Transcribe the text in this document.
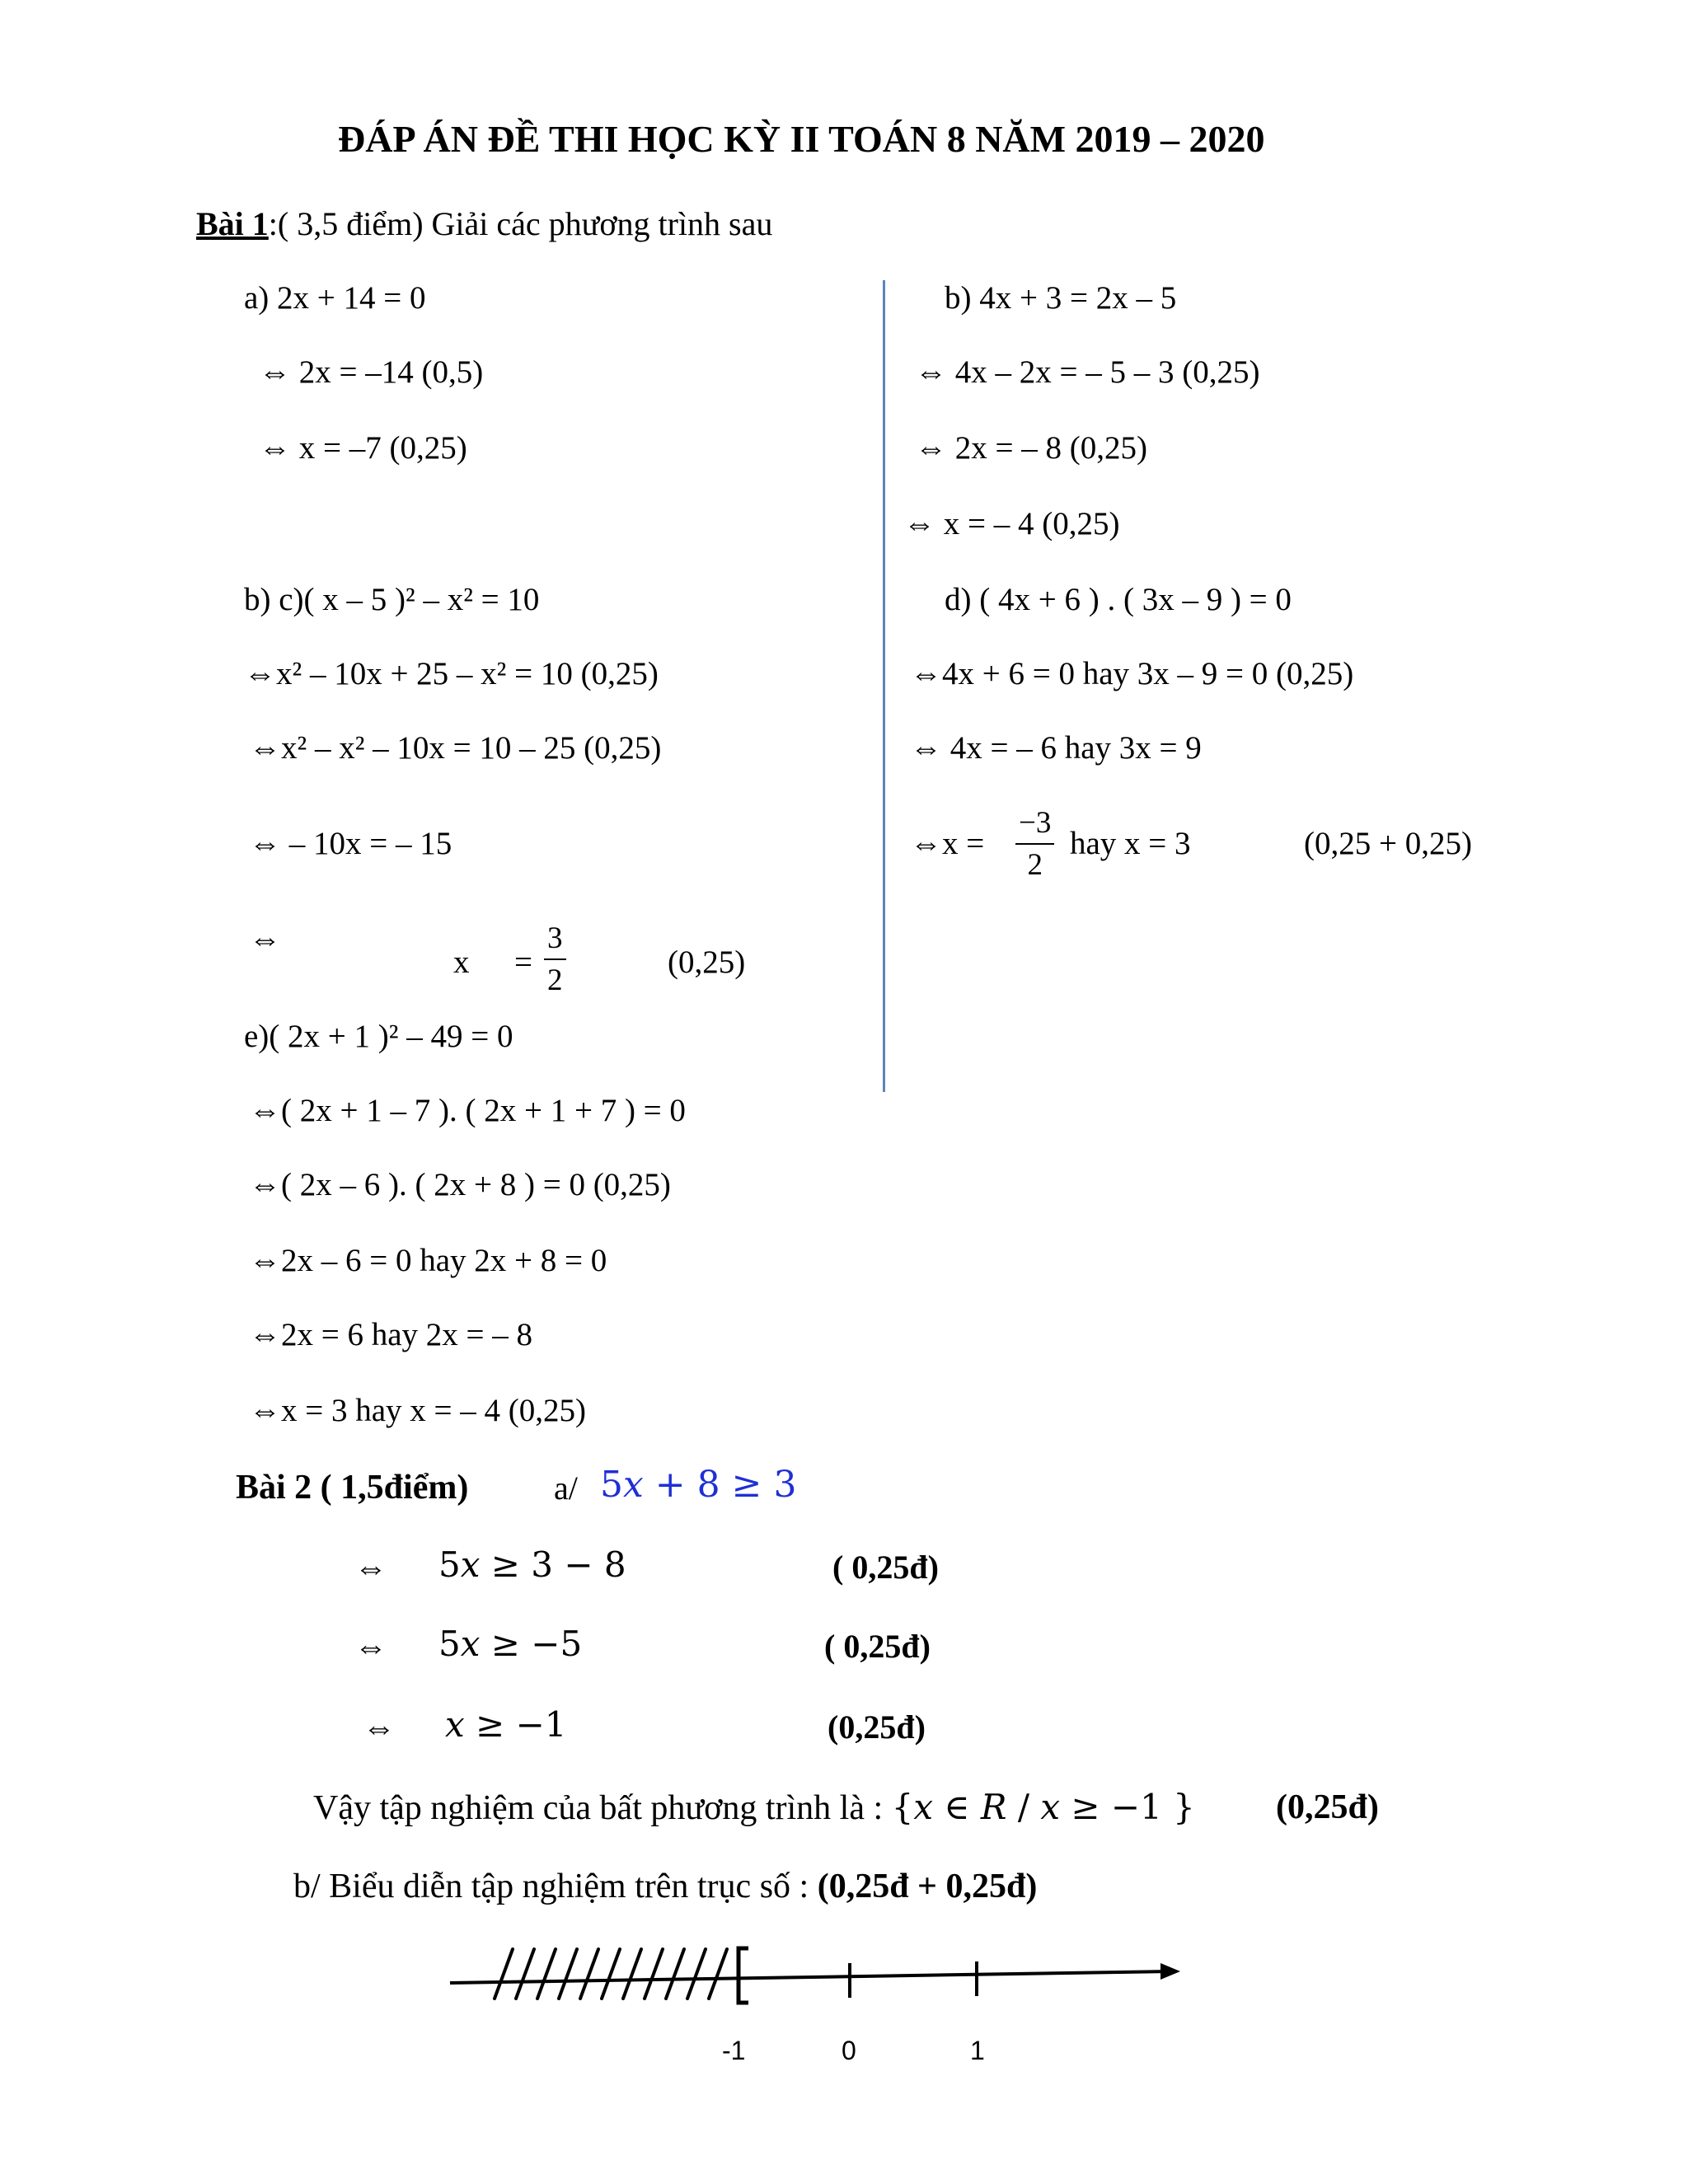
ĐÁP ÁN ĐỀ THI HỌC KỲ II TOÁN 8 NĂM 2019 – 2020
Bài 1:( 3,5 điểm) Giải các phương trình sau
a) 2x + 14 = 0
⇔ 2x = –14 (0,5)
⇔ x = –7 (0,25)
b) c)( x – 5 )² – x² = 10
⇔x² – 10x + 25 – x² = 10 (0,25)
⇔x² – x² – 10x = 10 – 25 (0,25)
⇔ – 10x = – 15
⇔
x =
3
2
(0,25)
e)( 2x + 1 )² – 49 = 0
⇔( 2x + 1 – 7 ). ( 2x + 1 + 7 ) = 0
⇔( 2x – 6 ). ( 2x + 8 ) = 0 (0,25)
⇔2x – 6 = 0 hay 2x + 8 = 0
⇔2x = 6 hay 2x = – 8
⇔x = 3 hay x = – 4 (0,25)
b) 4x + 3 = 2x – 5
⇔ 4x – 2x = – 5 – 3 (0,25)
⇔ 2x = – 8 (0,25)
⇔ x = – 4 (0,25)
d) ( 4x + 6 ) . ( 3x – 9 ) = 0
⇔4x + 6 = 0 hay 3x – 9 = 0 (0,25)
⇔ 4x = – 6 hay 3x = 9
⇔x =
−3
2
hay x = 3	(0,25 + 0,25)
Bài 2 ( 1,5điểm)	a/ 5𝑥 + 8 ≥ 3
⇔ 5𝑥 ≥ 3 − 8	( 0,25đ)
⇔ 5𝑥 ≥ −5	( 0,25đ)
⇔ 𝑥 ≥ −1	(0,25đ)
Vậy tập nghiệm của bất phương trình là : {𝑥 ∈ 𝑅 / 𝑥 ≥ −1 } (0,25đ)
b/ Biểu diễn tập nghiệm trên trục số : (0,25đ + 0,25đ)
-1	0	1
